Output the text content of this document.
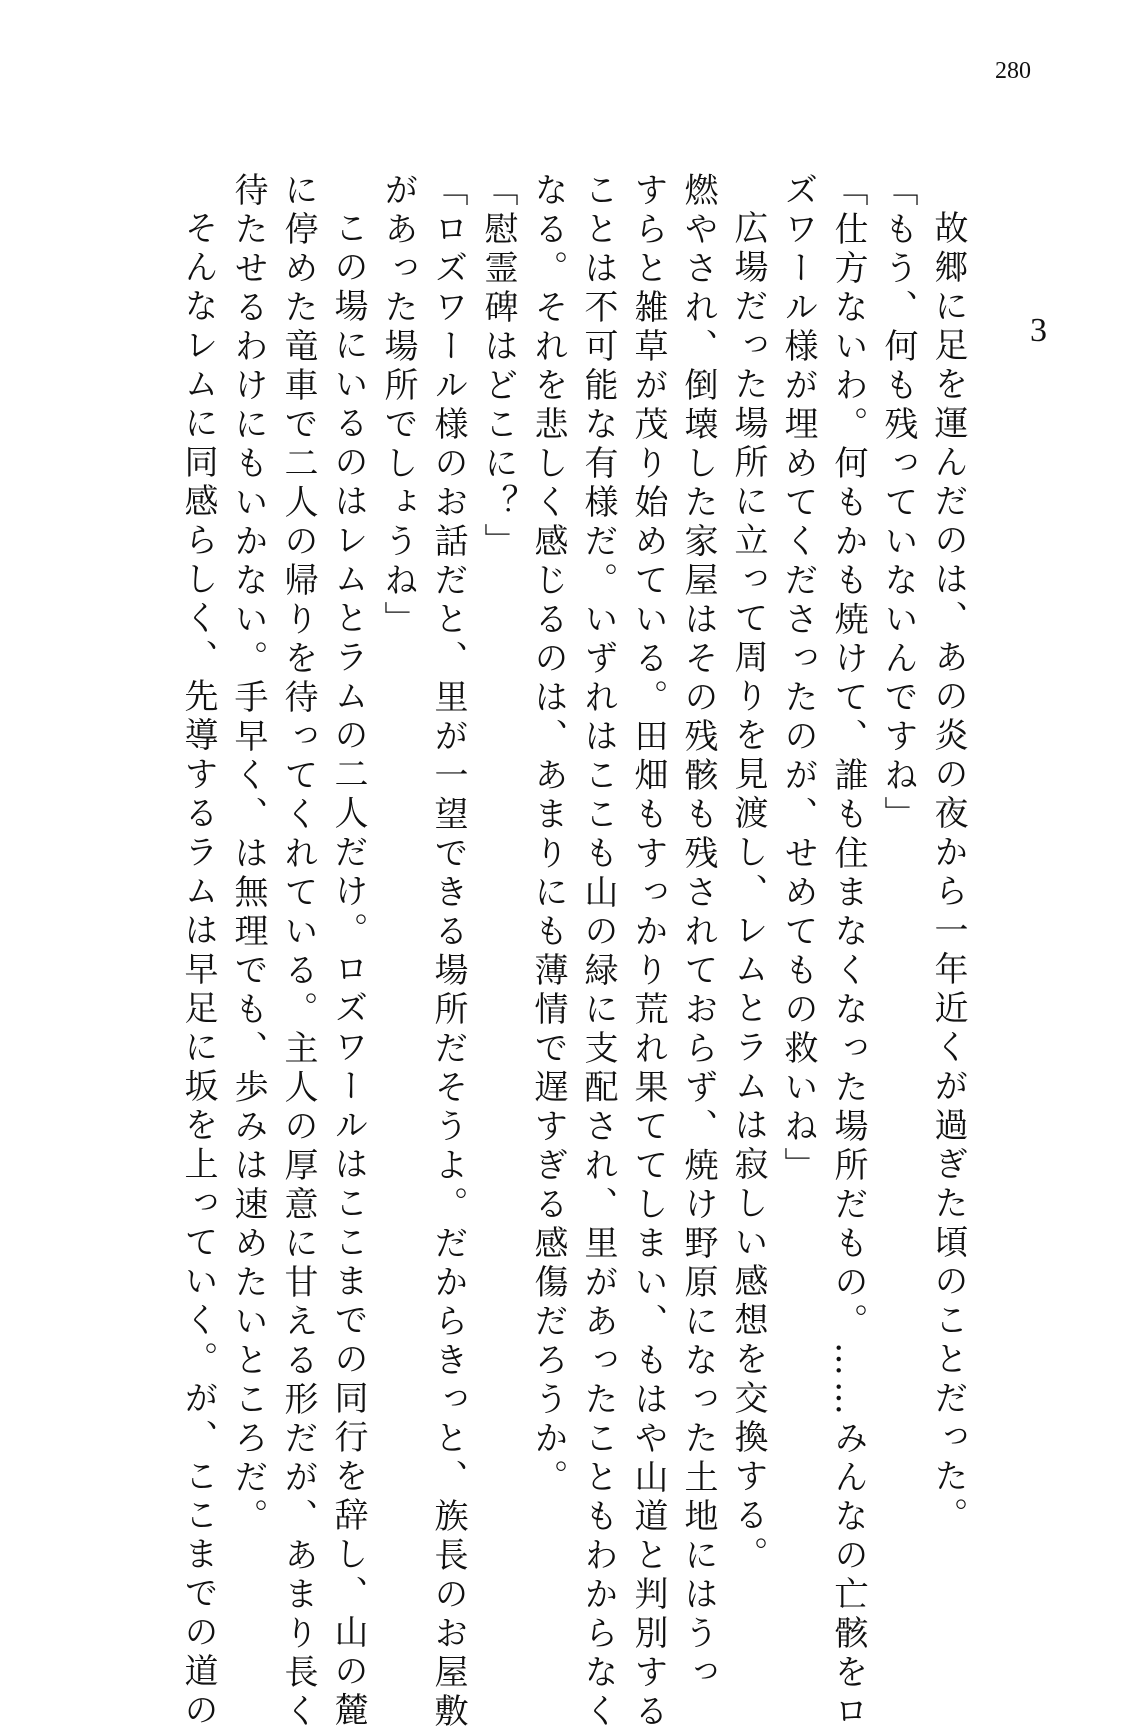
280
3
故郷に足を運んだのは、あの炎の夜から一年近くが過ぎた頃のことだった。
「もう、何も残っていないんですね」
「仕方ないわ。何もかも焼けて、誰も住まなくなった場所だもの。……みんなの亡骸をロ
ズワール様が埋めてくださったのが、せめてもの救いね」
広場だった場所に立って周りを見渡し、レムとラムは寂しい感想を交換する。
燃やされ、倒壊した家屋はその残骸も残されておらず、焼け野原になった土地にはうっ
すらと雑草が茂り始めている。田畑もすっかり荒れ果ててしまい、もはや山道と判別する
ことは不可能な有様だ。いずれはここも山の緑に支配され、里があったこともわからなく
なる。それを悲しく感じるのは、あまりにも薄情で遅すぎる感傷だろうか。
「慰霊碑はどこに？」
「ロズワール様のお話だと、里が一望できる場所だそうよ。だからきっと、族長のお屋敷
があった場所でしょうね」
この場にいるのはレムとラムの二人だけ。ロズワールはここまでの同行を辞し、山の麓
に停めた竜車で二人の帰りを待ってくれている。主人の厚意に甘える形だが、あまり長く
待たせるわけにもいかない。手早く、は無理でも、歩みは速めたいところだ。
そんなレムに同感らしく、先導するラムは早足に坂を上っていく。が、ここまでの道の
